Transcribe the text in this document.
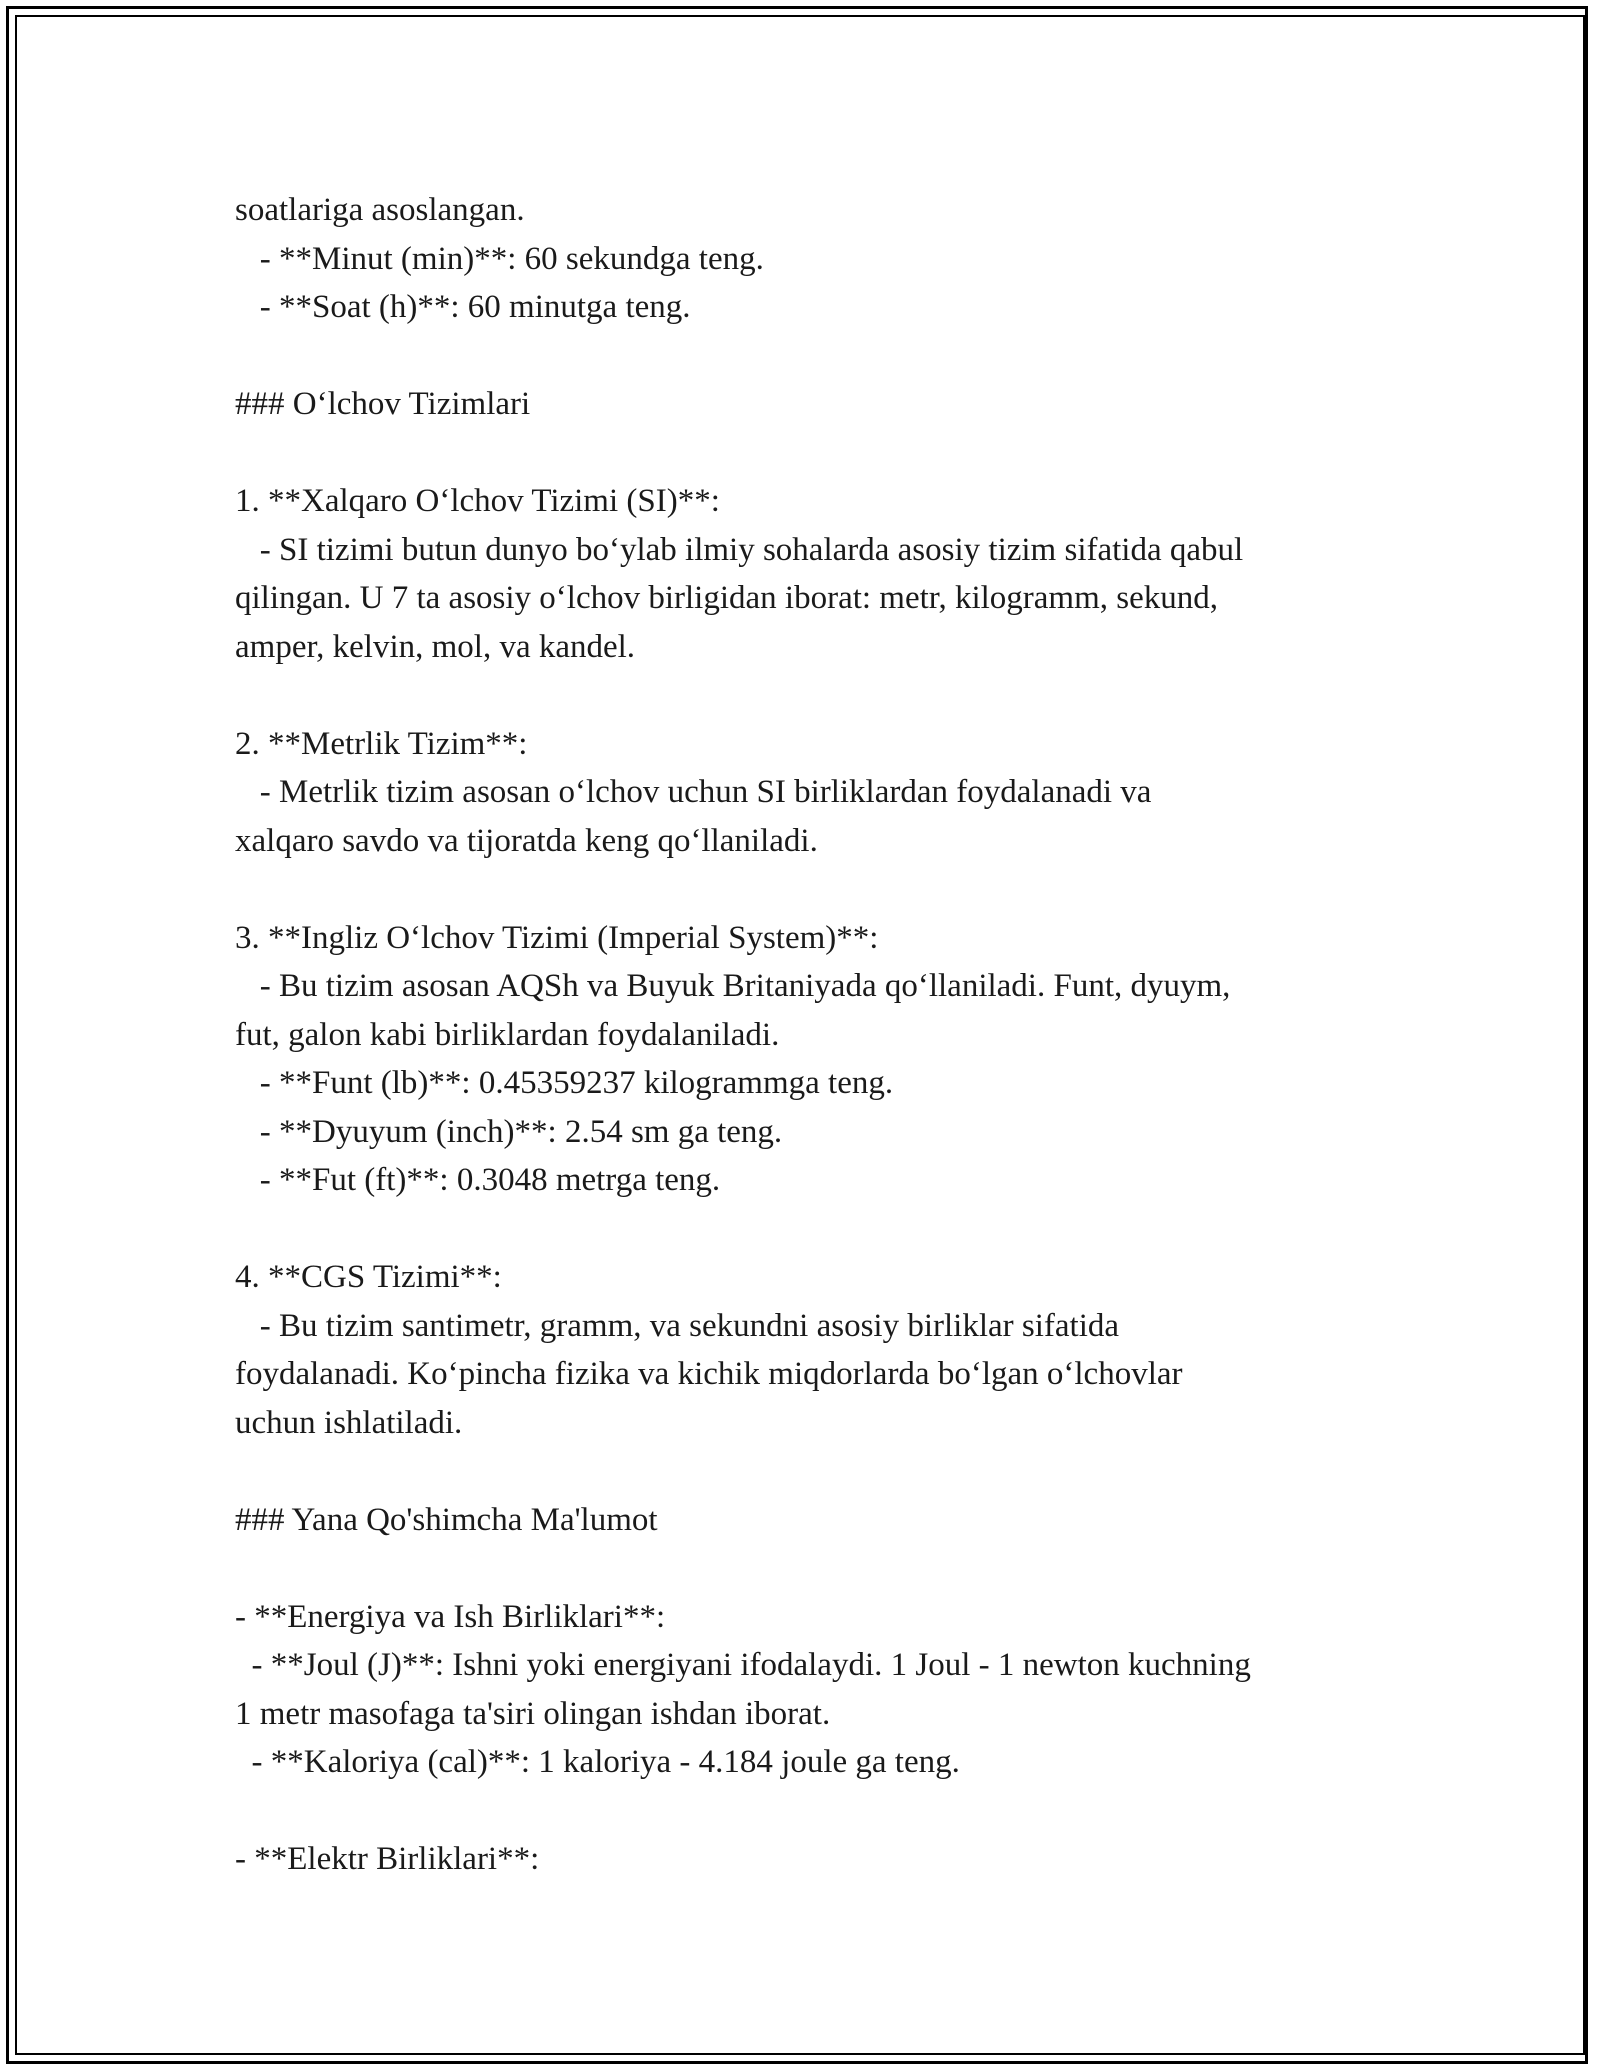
soatlariga asoslangan.
- **Minut (min)**: 60 sekundga teng.
- **Soat (h)**: 60 minutga teng.
### O‘lchov Tizimlari
1. **Xalqaro O‘lchov Tizimi (SI)**:
- SI tizimi butun dunyo bo‘ylab ilmiy sohalarda asosiy tizim sifatida qabul
qilingan. U 7 ta asosiy o‘lchov birligidan iborat: metr, kilogramm, sekund,
amper, kelvin, mol, va kandel.
2. **Metrlik Tizim**:
- Metrlik tizim asosan o‘lchov uchun SI birliklardan foydalanadi va
xalqaro savdo va tijoratda keng qo‘llaniladi.
3. **Ingliz O‘lchov Tizimi (Imperial System)**:
- Bu tizim asosan AQSh va Buyuk Britaniyada qo‘llaniladi. Funt, dyuym,
fut, galon kabi birliklardan foydalaniladi.
- **Funt (lb)**: 0.45359237 kilogrammga teng.
- **Dyuyum (inch)**: 2.54 sm ga teng.
- **Fut (ft)**: 0.3048 metrga teng.
4. **CGS Tizimi**:
- Bu tizim santimetr, gramm, va sekundni asosiy birliklar sifatida
foydalanadi. Ko‘pincha fizika va kichik miqdorlarda bo‘lgan o‘lchovlar
uchun ishlatiladi.
### Yana Qo'shimcha Ma'lumot
- **Energiya va Ish Birliklari**:
- **Joul (J)**: Ishni yoki energiyani ifodalaydi. 1 Joul - 1 newton kuchning
1 metr masofaga ta'siri olingan ishdan iborat.
- **Kaloriya (cal)**: 1 kaloriya - 4.184 joule ga teng.
- **Elektr Birliklari**:
